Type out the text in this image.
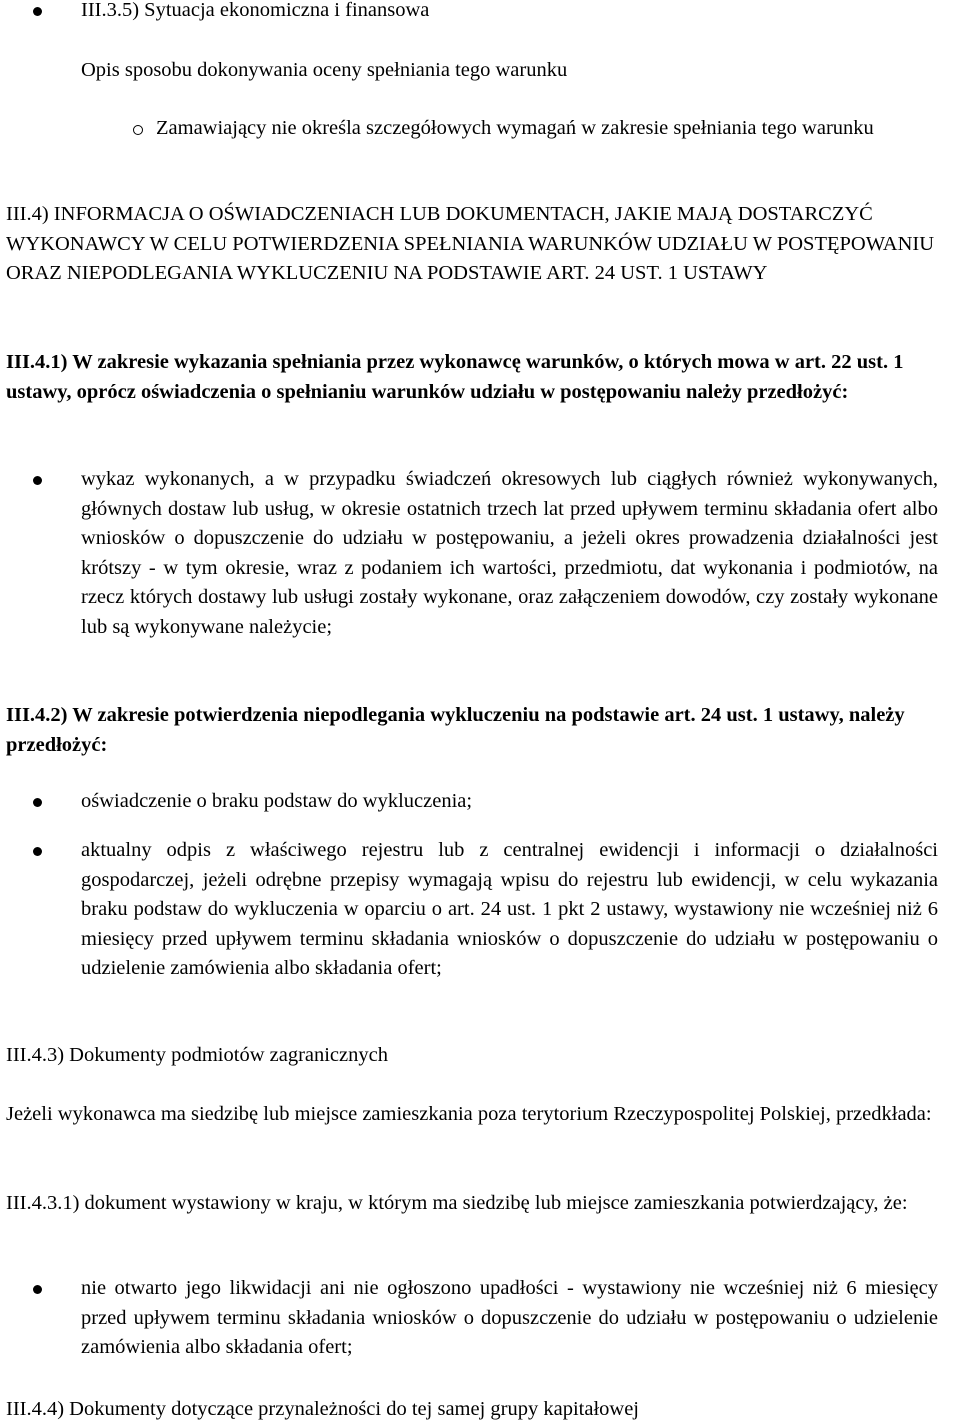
III.3.5) Sytuacja ekonomiczna i finansowa

Opis sposobu dokonywania oceny spełniania tego warunku

Zamawiający nie określa szczegółowych wymagań w zakresie spełniania tego warunku

III.4) INFORMACJA O OŚWIADCZENIACH LUB DOKUMENTACH, JAKIE MAJĄ DOSTARCZYĆ WYKONAWCY W CELU POTWIERDZENIA SPEŁNIANIA WARUNKÓW UDZIAŁU W POSTĘPOWANIU ORAZ NIEPODLEGANIA WYKLUCZENIU NA PODSTAWIE ART. 24 UST. 1 USTAWY

III.4.1) W zakresie wykazania spełniania przez wykonawcę warunków, o których mowa w art. 22 ust. 1 ustawy, oprócz oświadczenia o spełnianiu warunków udziału w postępowaniu należy przedłożyć:

wykaz wykonanych, a w przypadku świadczeń okresowych lub ciągłych również wykonywanych, głównych dostaw lub usług, w okresie ostatnich trzech lat przed upływem terminu składania ofert albo wniosków o dopuszczenie do udziału w postępowaniu, a jeżeli okres prowadzenia działalności jest krótszy - w tym okresie, wraz z podaniem ich wartości, przedmiotu, dat wykonania i podmiotów, na rzecz których dostawy lub usługi zostały wykonane, oraz załączeniem dowodów, czy zostały wykonane lub są wykonywane należycie;

III.4.2) W zakresie potwierdzenia niepodlegania wykluczeniu na podstawie art. 24 ust. 1 ustawy, należy przedłożyć:

oświadczenie o braku podstaw do wykluczenia;

aktualny odpis z właściwego rejestru lub z centralnej ewidencji i informacji o działalności gospodarczej, jeżeli odrębne przepisy wymagają wpisu do rejestru lub ewidencji, w celu wykazania braku podstaw do wykluczenia w oparciu o art. 24 ust. 1 pkt 2 ustawy, wystawiony nie wcześniej niż 6 miesięcy przed upływem terminu składania wniosków o dopuszczenie do udziału w postępowaniu o udzielenie zamówienia albo składania ofert;

III.4.3) Dokumenty podmiotów zagranicznych

Jeżeli wykonawca ma siedzibę lub miejsce zamieszkania poza terytorium Rzeczypospolitej Polskiej, przedkłada:

III.4.3.1) dokument wystawiony w kraju, w którym ma siedzibę lub miejsce zamieszkania potwierdzający, że:

nie otwarto jego likwidacji ani nie ogłoszono upadłości - wystawiony nie wcześniej niż 6 miesięcy przed upływem terminu składania wniosków o dopuszczenie do udziału w postępowaniu o udzielenie zamówienia albo składania ofert;

III.4.4) Dokumenty dotyczące przynależności do tej samej grupy kapitałowej
